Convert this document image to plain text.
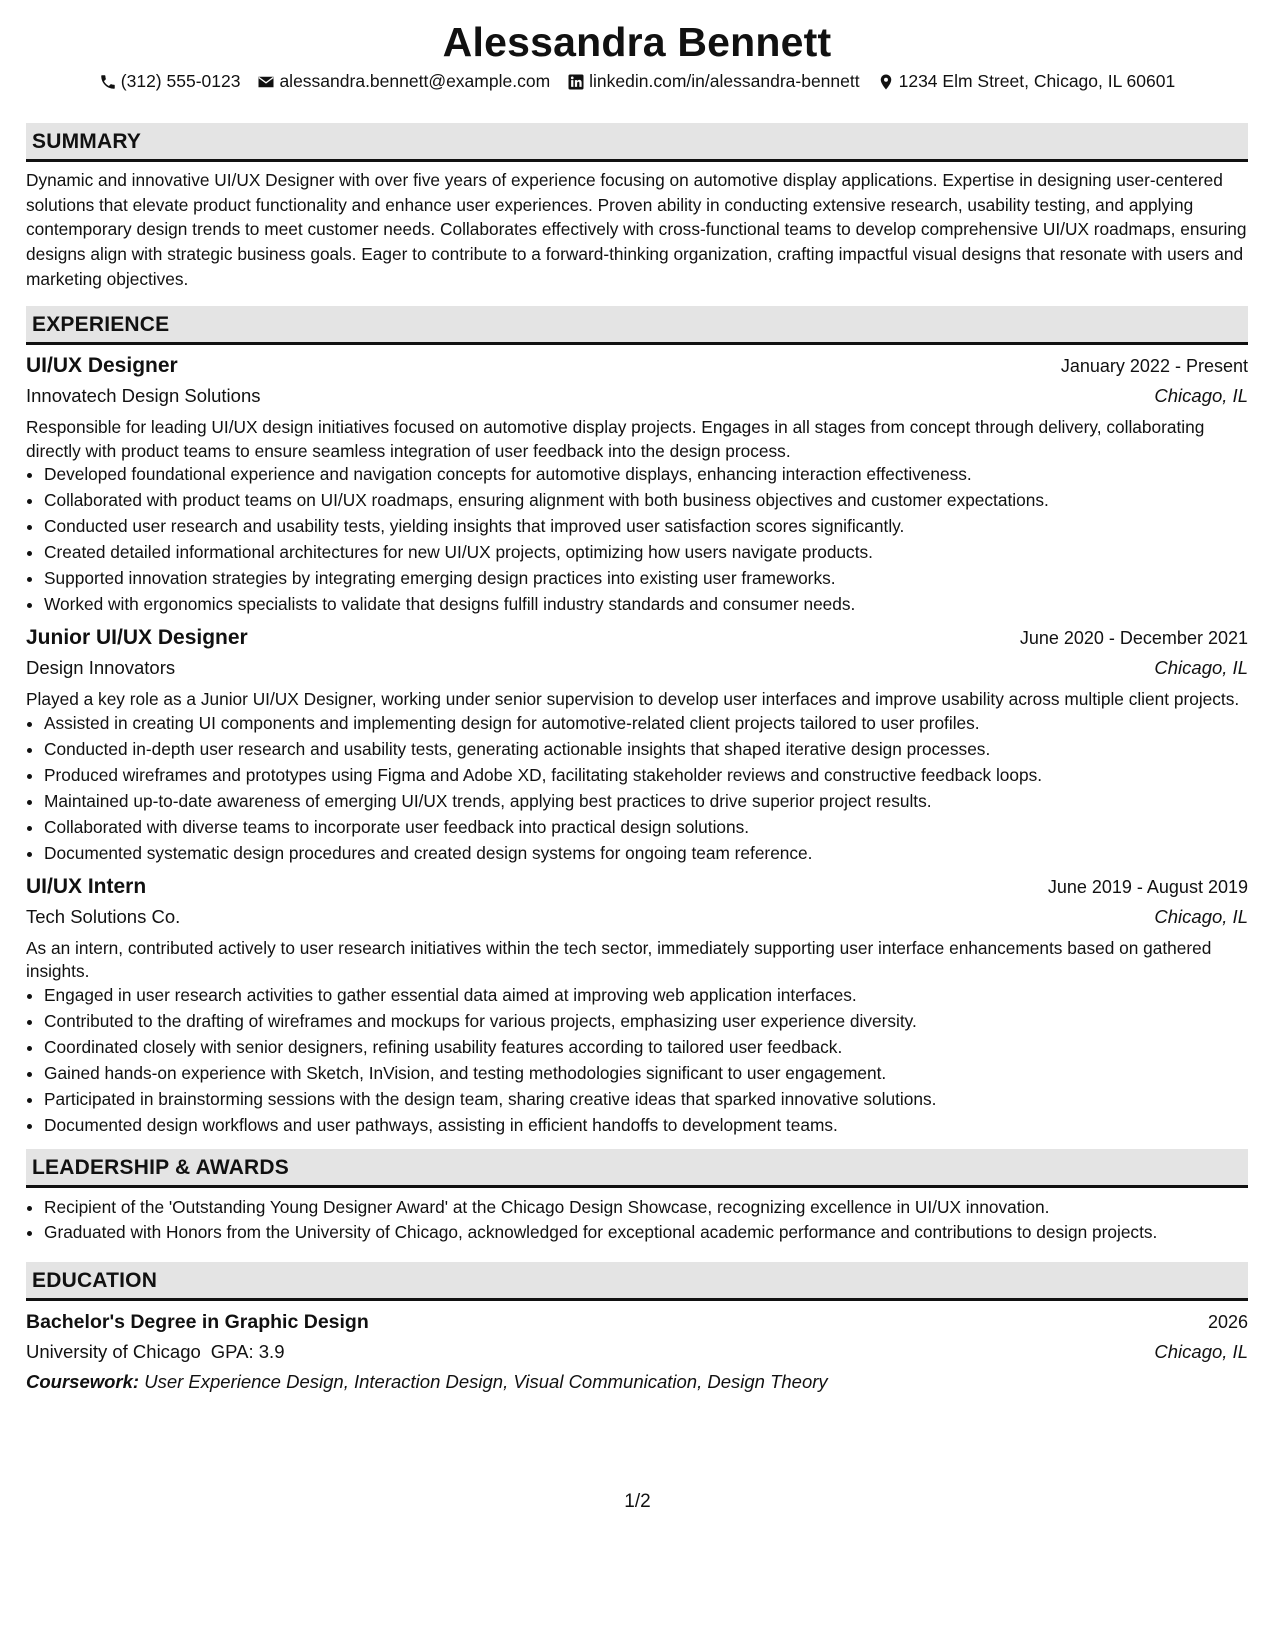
Alessandra Bennett
(312) 555-0123 alessandra.bennett@example.com linkedin.com/in/alessandra-bennett 1234 Elm Street, Chicago, IL 60601
SUMMARY

Dynamic and innovative UI/UX Designer with over five years of experience focusing on automotive display applications. Expertise in designing user-centered solutions that elevate product functionality and enhance user experiences. Proven ability in conducting extensive research, usability testing, and applying contemporary design trends to meet customer needs. Collaborates effectively with cross-functional teams to develop comprehensive UI/UX roadmaps, ensuring designs align with strategic business goals. Eager to contribute to a forward-thinking organization, crafting impactful visual designs that resonate with users and marketing objectives.

EXPERIENCE
UI/UX Designer	January 2022 - Present
Innovatech Design Solutions	Chicago, IL
Responsible for leading UI/UX design initiatives focused on automotive display projects. Engages in all stages from concept through delivery, collaborating directly with product teams to ensure seamless integration of user feedback into the design process.
• Developed foundational experience and navigation concepts for automotive displays, enhancing interaction effectiveness.
• Collaborated with product teams on UI/UX roadmaps, ensuring alignment with both business objectives and customer expectations.
• Conducted user research and usability tests, yielding insights that improved user satisfaction scores significantly.
• Created detailed informational architectures for new UI/UX projects, optimizing how users navigate products.
• Supported innovation strategies by integrating emerging design practices into existing user frameworks.
• Worked with ergonomics specialists to validate that designs fulfill industry standards and consumer needs.
Junior UI/UX Designer	June 2020 - December 2021
Design Innovators	Chicago, IL
Played a key role as a Junior UI/UX Designer, working under senior supervision to develop user interfaces and improve usability across multiple client projects.
• Assisted in creating UI components and implementing design for automotive-related client projects tailored to user profiles.
• Conducted in-depth user research and usability tests, generating actionable insights that shaped iterative design processes.
• Produced wireframes and prototypes using Figma and Adobe XD, facilitating stakeholder reviews and constructive feedback loops.
• Maintained up-to-date awareness of emerging UI/UX trends, applying best practices to drive superior project results.
• Collaborated with diverse teams to incorporate user feedback into practical design solutions.
• Documented systematic design procedures and created design systems for ongoing team reference.
UI/UX Intern	June 2019 - August 2019
Tech Solutions Co.	Chicago, IL
As an intern, contributed actively to user research initiatives within the tech sector, immediately supporting user interface enhancements based on gathered insights.
• Engaged in user research activities to gather essential data aimed at improving web application interfaces.
• Contributed to the drafting of wireframes and mockups for various projects, emphasizing user experience diversity.
• Coordinated closely with senior designers, refining usability features according to tailored user feedback.
• Gained hands-on experience with Sketch, InVision, and testing methodologies significant to user engagement.
• Participated in brainstorming sessions with the design team, sharing creative ideas that sparked innovative solutions.
• Documented design workflows and user pathways, assisting in efficient handoffs to development teams.
LEADERSHIP & AWARDS
• Recipient of the 'Outstanding Young Designer Award' at the Chicago Design Showcase, recognizing excellence in UI/UX innovation.
• Graduated with Honors from the University of Chicago, acknowledged for exceptional academic performance and contributions to design projects.
EDUCATION
Bachelor's Degree in Graphic Design	2026
University of Chicago GPA: 3.9	Chicago, IL
Coursework: User Experience Design, Interaction Design, Visual Communication, Design Theory
1/2
